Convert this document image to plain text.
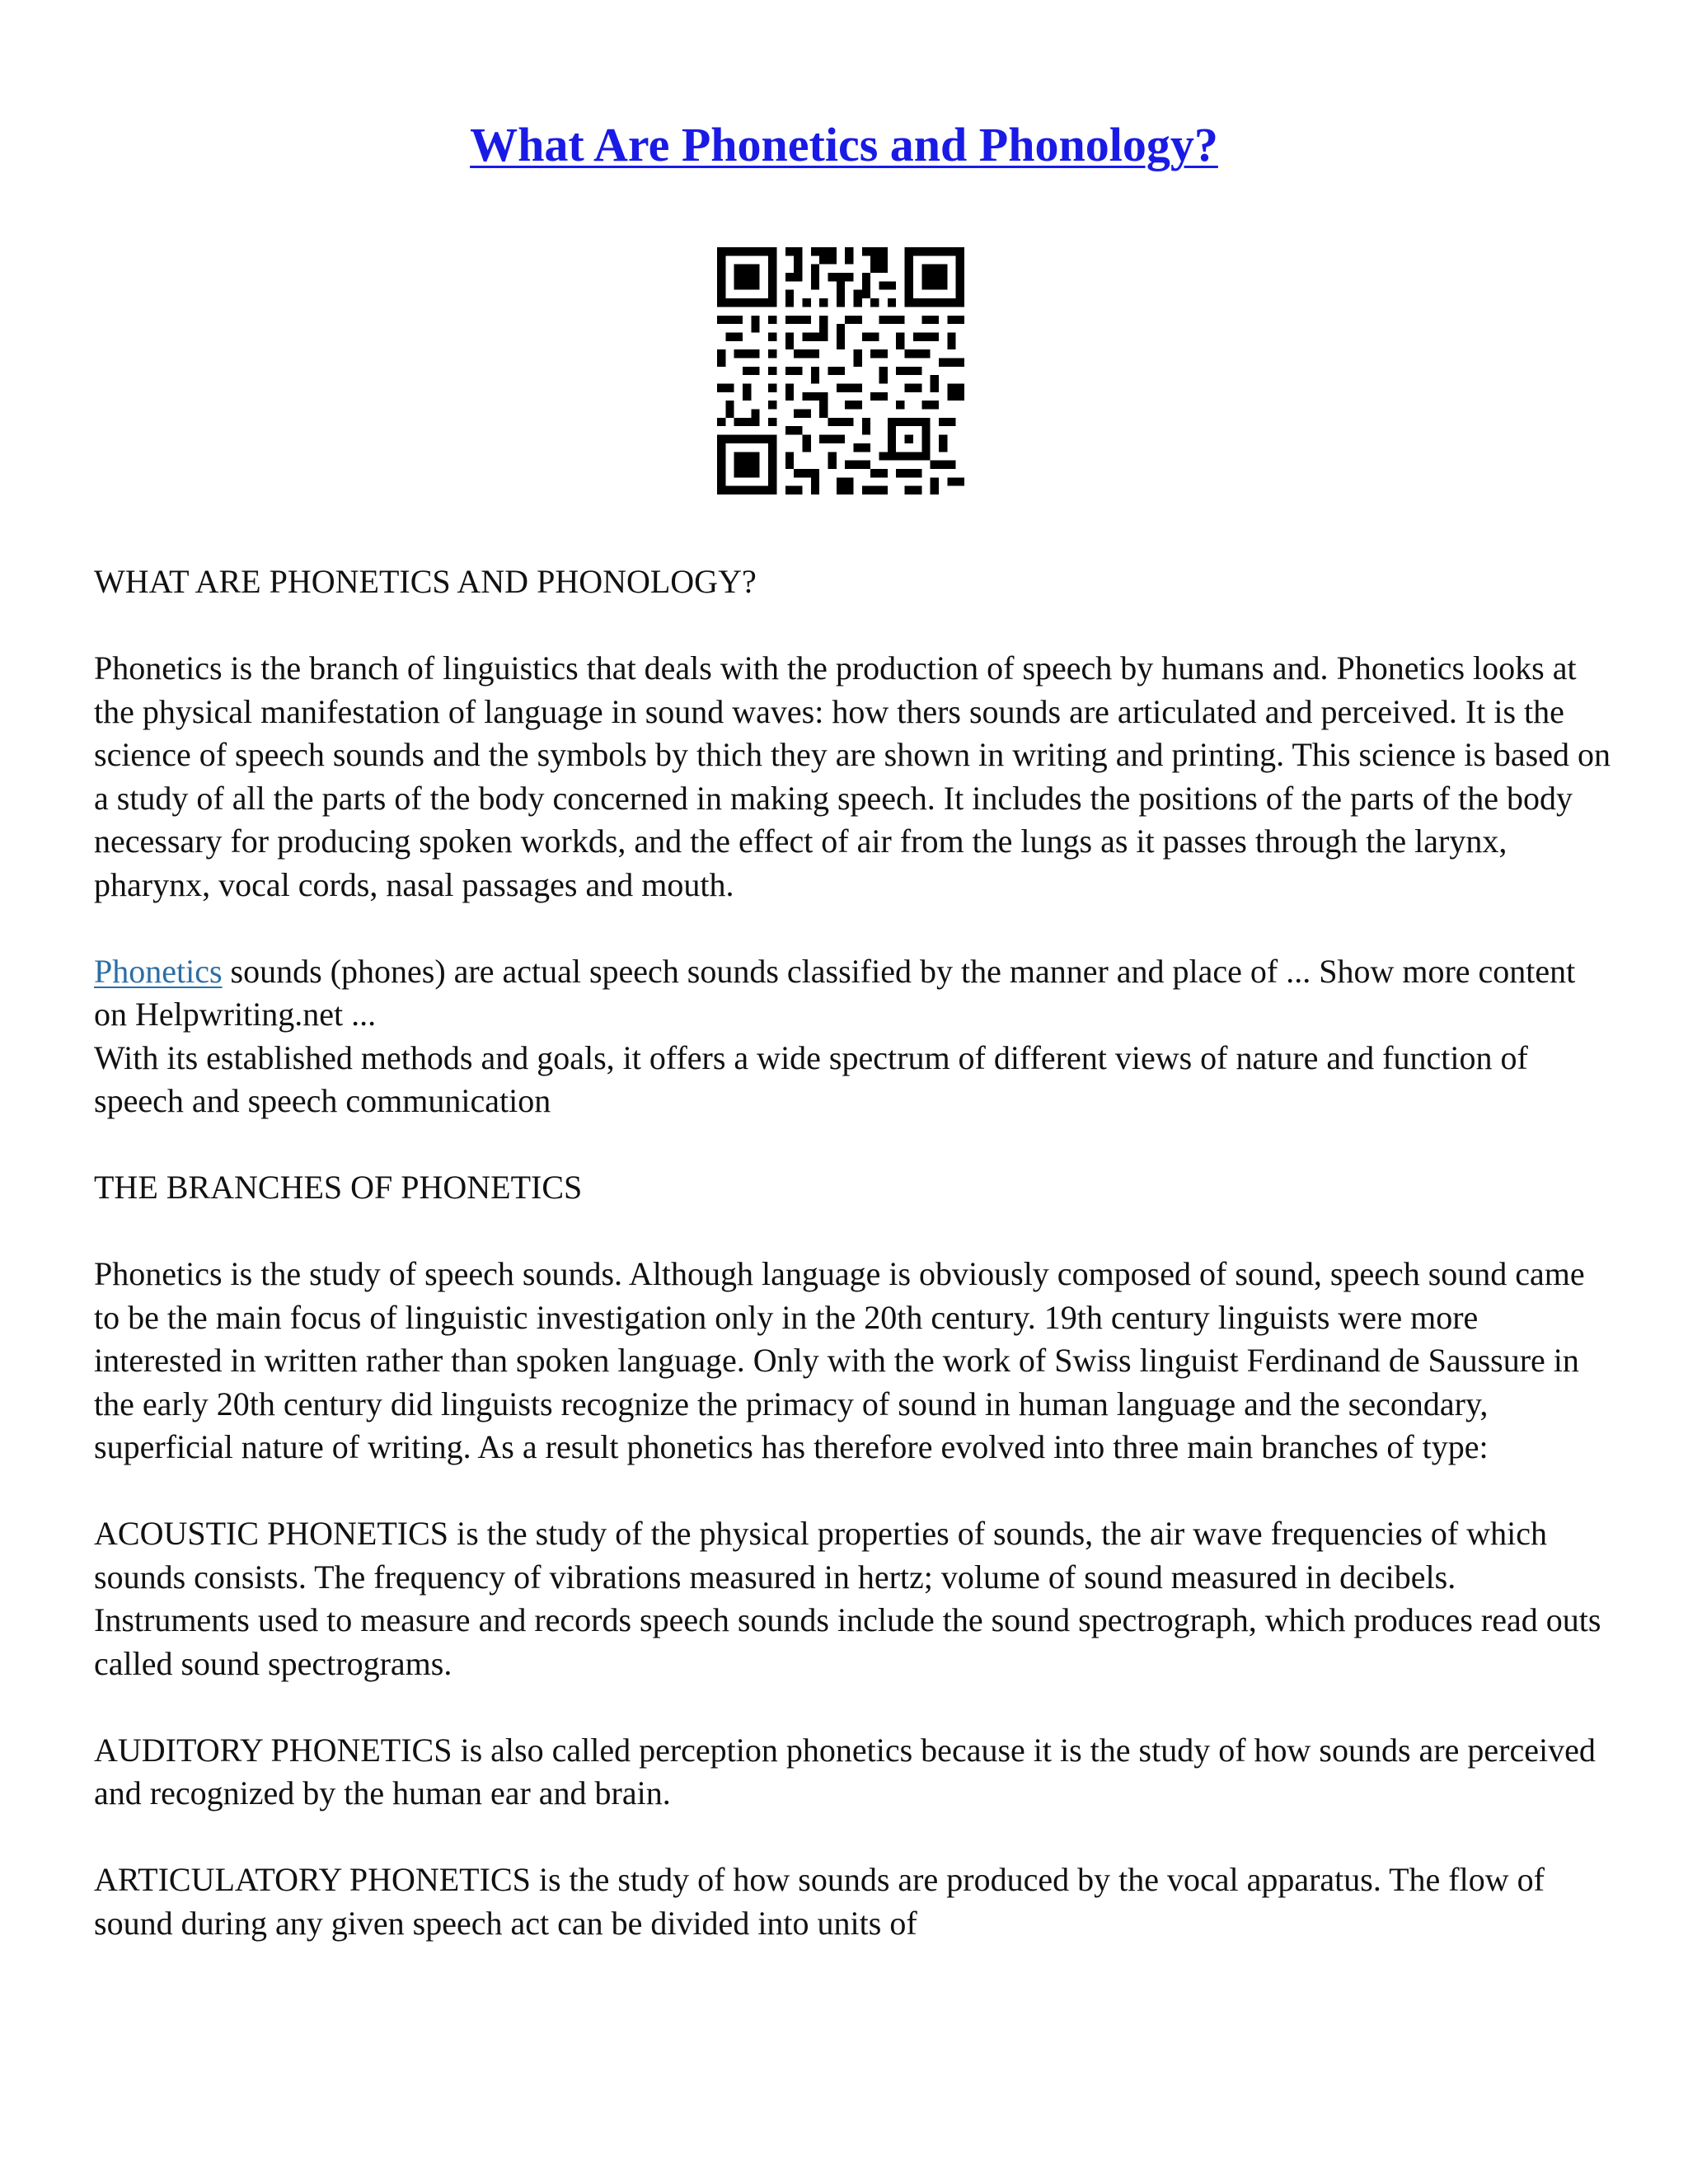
What Are Phonetics and Phonology?

WHAT ARE PHONETICS AND PHONOLOGY?

Phonetics is the branch of linguistics that deals with the production of speech by humans and. Phonetics looks at the physical manifestation of language in sound waves: how thers sounds are articulated and perceived. It is the science of speech sounds and the symbols by thich they are shown in writing and printing. This science is based on a study of all the parts of the body concerned in making speech. It includes the positions of the parts of the body necessary for producing spoken workds, and the effect of air from the lungs as it passes through the larynx, pharynx, vocal cords, nasal passages and mouth.

Phonetics sounds (phones) are actual speech sounds classified by the manner and place of ... Show more content on Helpwriting.net ...

With its established methods and goals, it offers a wide spectrum of different views of nature and function of speech and speech communication

THE BRANCHES OF PHONETICS

Phonetics is the study of speech sounds. Although language is obviously composed of sound, speech sound came to be the main focus of linguistic investigation only in the 20th century. 19th century linguists were more interested in written rather than spoken language. Only with the work of Swiss linguist Ferdinand de Saussure in the early 20th century did linguists recognize the primacy of sound in human language and the secondary, superficial nature of writing. As a result phonetics has therefore evolved into three main branches of type:

ACOUSTIC PHONETICS is the study of the physical properties of sounds, the air wave frequencies of which sounds consists. The frequency of vibrations measured in hertz; volume of sound measured in decibels. Instruments used to measure and records speech sounds include the sound spectrograph, which produces read outs called sound spectrograms.

AUDITORY PHONETICS is also called perception phonetics because it is the study of how sounds are perceived and recognized by the human ear and brain.

ARTICULATORY PHONETICS is the study of how sounds are produced by the vocal apparatus. The flow of sound during any given speech act can be divided into units of
